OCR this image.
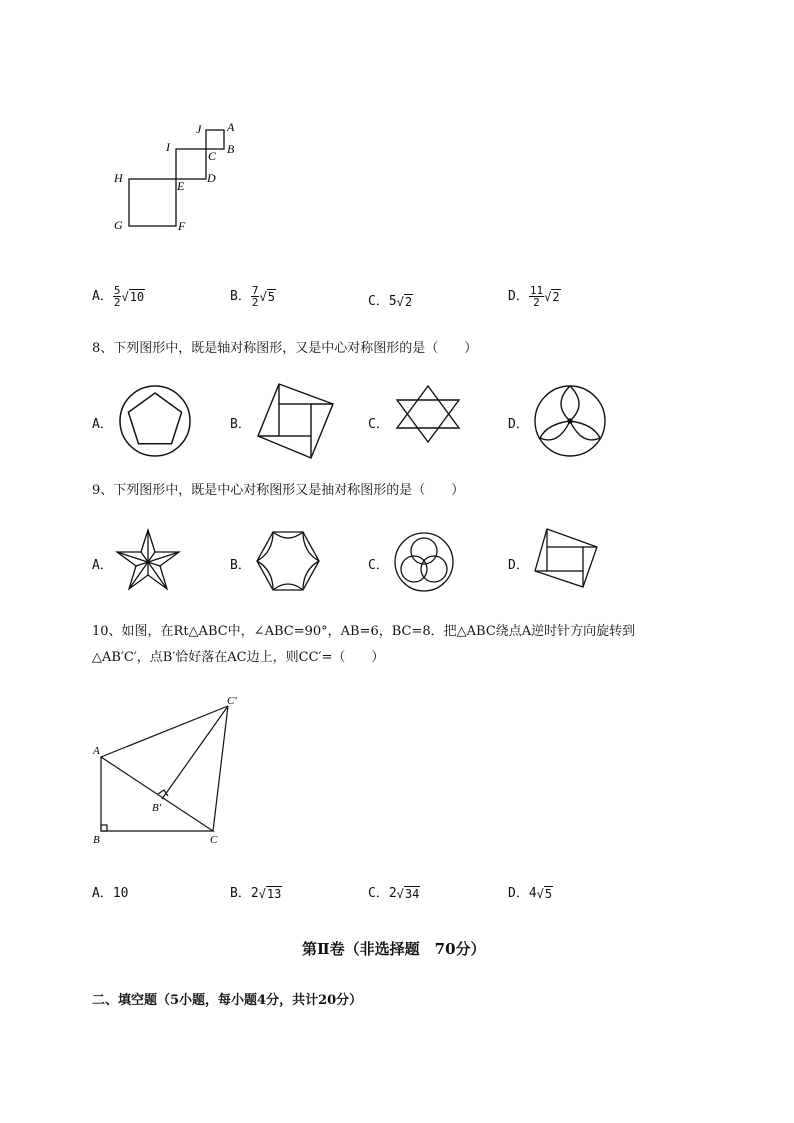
J A
I
C B
H
E
D
G	F
A． $\frac{5}{2} √10$	B． $\frac{7}{2} √5$	C．5√2	D． $\frac{11}{2} √2$
8、下列图形中，既是轴对称图形，又是中心对称图形的是（　　）
A．	B．	C．	D．
9、下列图形中，既是中心对称图形又是抽对称图形的是（　　）
A．	B．	C．	D．
10、如图，在Rt△ABC中，∠ABC=90°，AB=6，BC=8．把△ABC绕点A逆时针方向旋转到
△AB′C′，点B′恰好落在AC边上，则CC′=（　　）
C'
A
B'
B	C
A．10	B．2√13	C．2√34	D．4√5
第Ⅱ卷（非选择题　70分）
二、填空题（5小题，每小题4分，共计20分）
